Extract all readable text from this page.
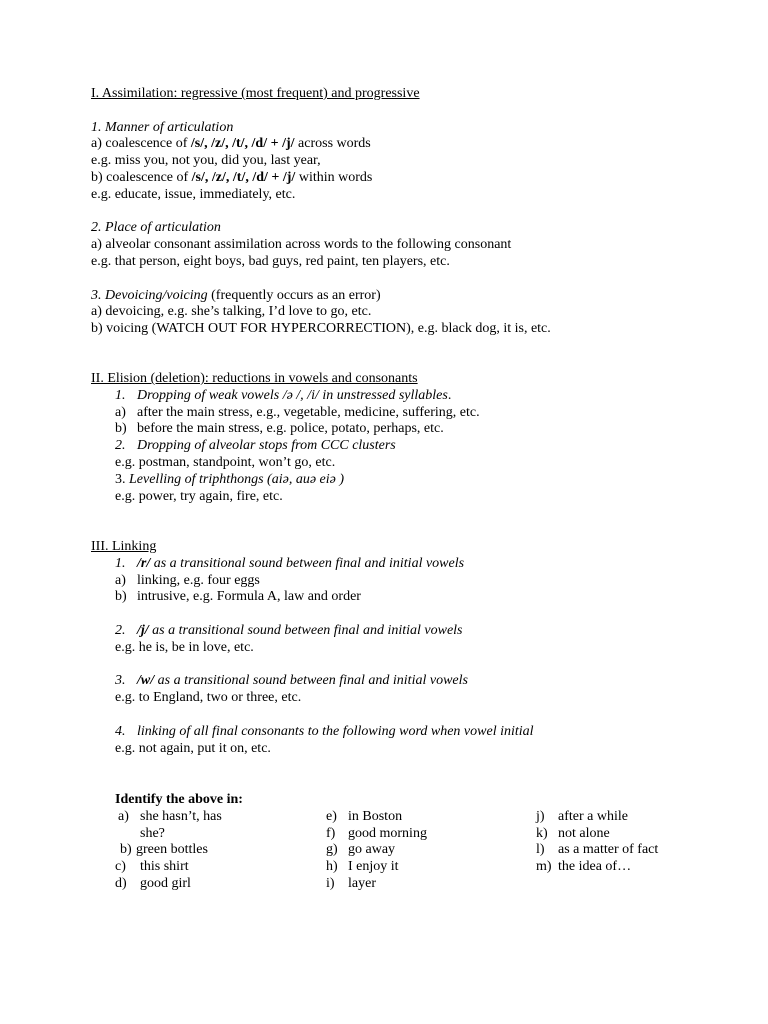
I. Assimilation: regressive (most frequent) and progressive
1. Manner of articulation
a) coalescence of /s/, /z/, /t/, /d/ + /j/ across words
e.g. miss you, not you, did you, last year,
b) coalescence of /s/, /z/, /t/, /d/ + /j/ within words
e.g. educate, issue, immediately, etc.
2. Place of articulation
a) alveolar consonant assimilation across words to the following consonant
e.g. that person, eight boys, bad guys, red paint, ten players, etc.
3. Devoicing/voicing (frequently occurs as an error)
a) devoicing, e.g. she’s talking, I’d love to go, etc.
b) voicing (WATCH OUT FOR HYPERCORRECTION), e.g. black dog, it is, etc.
II. Elision (deletion): reductions in vowels and consonants
1. Dropping of weak vowels /ə /, /i/ in unstressed syllables.
a) after the main stress, e.g., vegetable, medicine, suffering, etc.
b) before the main stress, e.g. police, potato, perhaps, etc.
2. Dropping of alveolar stops from CCC clusters
e.g. postman, standpoint, won’t go, etc.
3. Levelling of triphthongs (aiə, auə eiə )
e.g. power, try again, fire, etc.
III. Linking
1. /r/ as a transitional sound between final and initial vowels
a) linking, e.g. four eggs
b) intrusive, e.g. Formula A, law and order
2. /j/ as a transitional sound between final and initial vowels
e.g. he is, be in love, etc.
3. /w/ as a transitional sound between final and initial vowels
e.g. to England, two or three, etc.
4. linking of all final consonants to the following word when vowel initial
e.g. not again, put it on, etc.
Identify the above in:
a) she hasn’t, has
she?
b) green bottles
c) this shirt
d) good girl
e) in Boston
f) good morning
g) go away
h) I enjoy it
i) layer
j) after a while
k) not alone
l) as a matter of fact
m) the idea of…
